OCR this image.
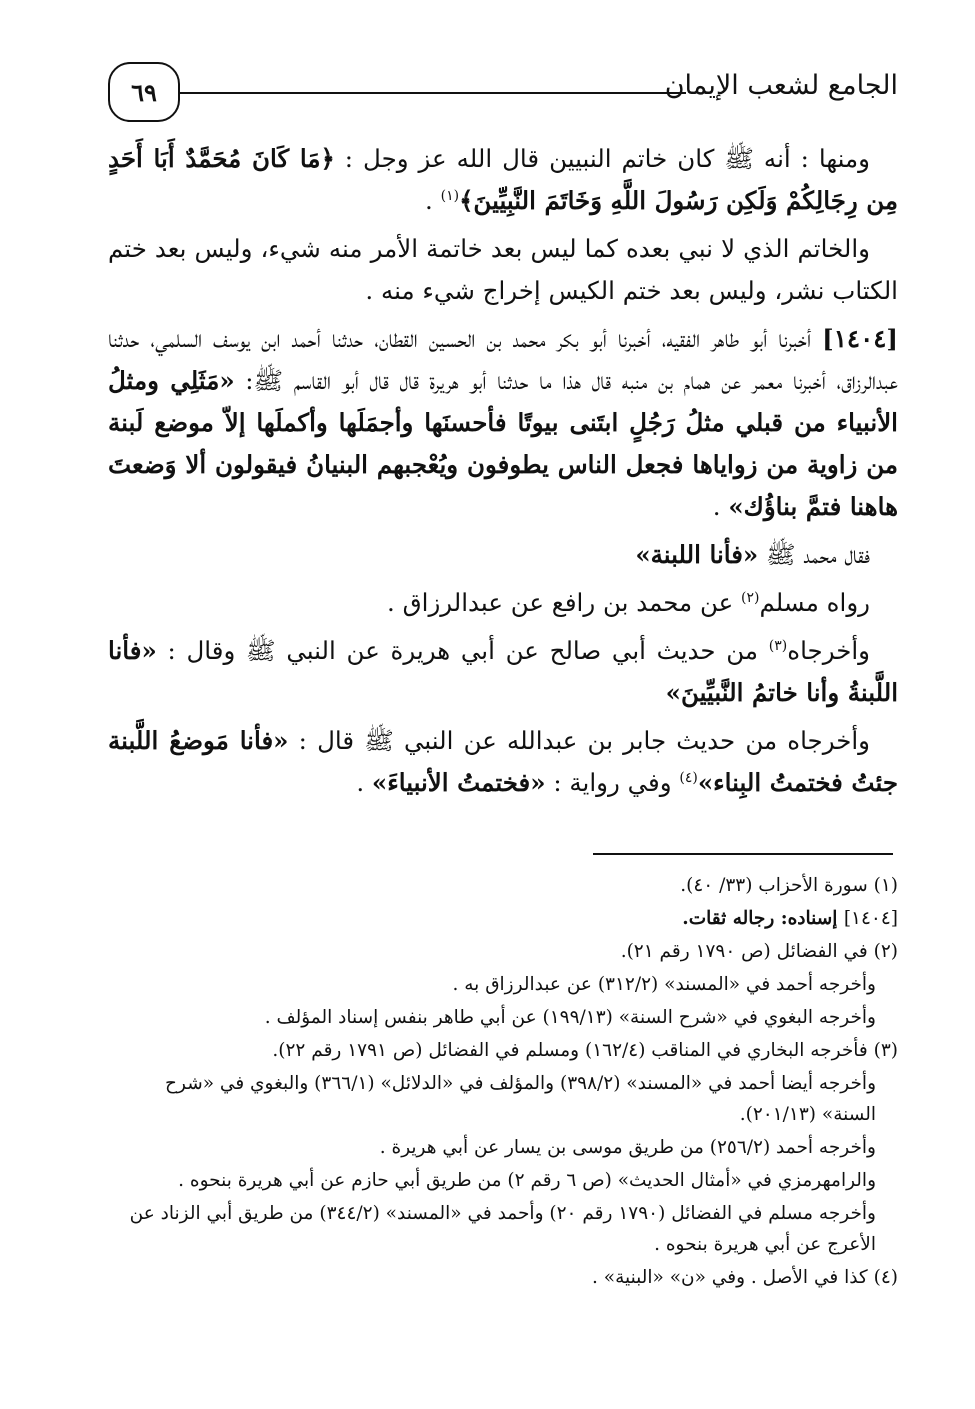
الجامع لشعب الإيمان
٦٩

ومنها : أنه ﷺ كان خاتم النبيين قال الله عز وجل : ﴿مَا كَانَ مُحَمَّدٌ أَبَا أَحَدٍ مِن رِجَالِكُمْ وَلَكِن رَسُولَ اللَّهِ وَخَاتَمَ النَّبِيِّينَ﴾$^{(١)}$ .

والخاتم الذي لا نبي بعده كما ليس بعد خاتمة الأمر منه شيء، وليس بعد ختم الكتاب نشر، وليس بعد ختم الكيس إخراج شيء منه .

[١٤٠٤] أخبرنا أبو طاهر الفقيه، أخبرنا أبو بكر محمد بن الحسين القطان، حدثنا أحمد ابن يوسف السلمي، حدثنا عبدالرزاق، أخبرنا معمر عن همام بن منبه قال هذا ما حدثنا أبو هريرة قال قال أبو القاسم ﷺ: «مَثَلِي ومثلُ الأنبياء من قبلي مثلُ رَجُلٍ ابتَنى بيوتًا فأحسنَها وأجمَلَها وأكملَها إلاّ موضع لَبنة من زاوية من زواياها فجعل الناس يطوفون ويُعْجبهم البنيانُ فيقولون ألا وَضعتَ هاهنا فتمَّ بناؤُك» .

فقال محمد ﷺ «فأنا اللبنة»

رواه مسلم$^{(٢)}$ عن محمد بن رافع عن عبدالرزاق .

وأخرجاه$^{(٣)}$ من حديث أبي صالح عن أبي هريرة عن النبي ﷺ وقال : «فأنا اللَّبنةُ وأنا خاتمُ النَّبيِّينَ»

وأخرجاه من حديث جابر بن عبدالله عن النبي ﷺ قال : «فأنا مَوضعُ اللَّبنة جئتُ فختمتُ البِناء»$^{(٤)}$ وفي رواية : «فختمتُ الأنبياءَ» .

(١) سورة الأحزاب (٣٣/ ٤٠).
[١٤٠٤] إسناده: رجاله ثقات.
(٢) في الفضائل (ص ١٧٩٠ رقم ٢١).
وأخرجه أحمد في «المسند» (٣١٢/٢) عن عبدالرزاق به .
وأخرجه البغوي في «شرح السنة» (١٩٩/١٣) عن أبي طاهر بنفس إسناد المؤلف .
(٣) فأخرجه البخاري في المناقب (١٦٢/٤) ومسلم في الفضائل (ص ١٧٩١ رقم ٢٢).
وأخرجه أيضا أحمد في «المسند» (٣٩٨/٢) والمؤلف في «الدلائل» (٣٦٦/١) والبغوي في «شرح السنة» (٢٠١/١٣).
وأخرجه أحمد (٢٥٦/٢) من طريق موسى بن يسار عن أبي هريرة .
والرامهرمزي في «أمثال الحديث» (ص ٦ رقم ٢) من طريق أبي حازم عن أبي هريرة بنحوه .
وأخرجه مسلم في الفضائل (١٧٩٠ رقم ٢٠) وأحمد في «المسند» (٣٤٤/٢) من طريق أبي الزناد عن الأعرج عن أبي هريرة بنحوه .
(٤) كذا في الأصل . وفي «ن» «البنية» .
